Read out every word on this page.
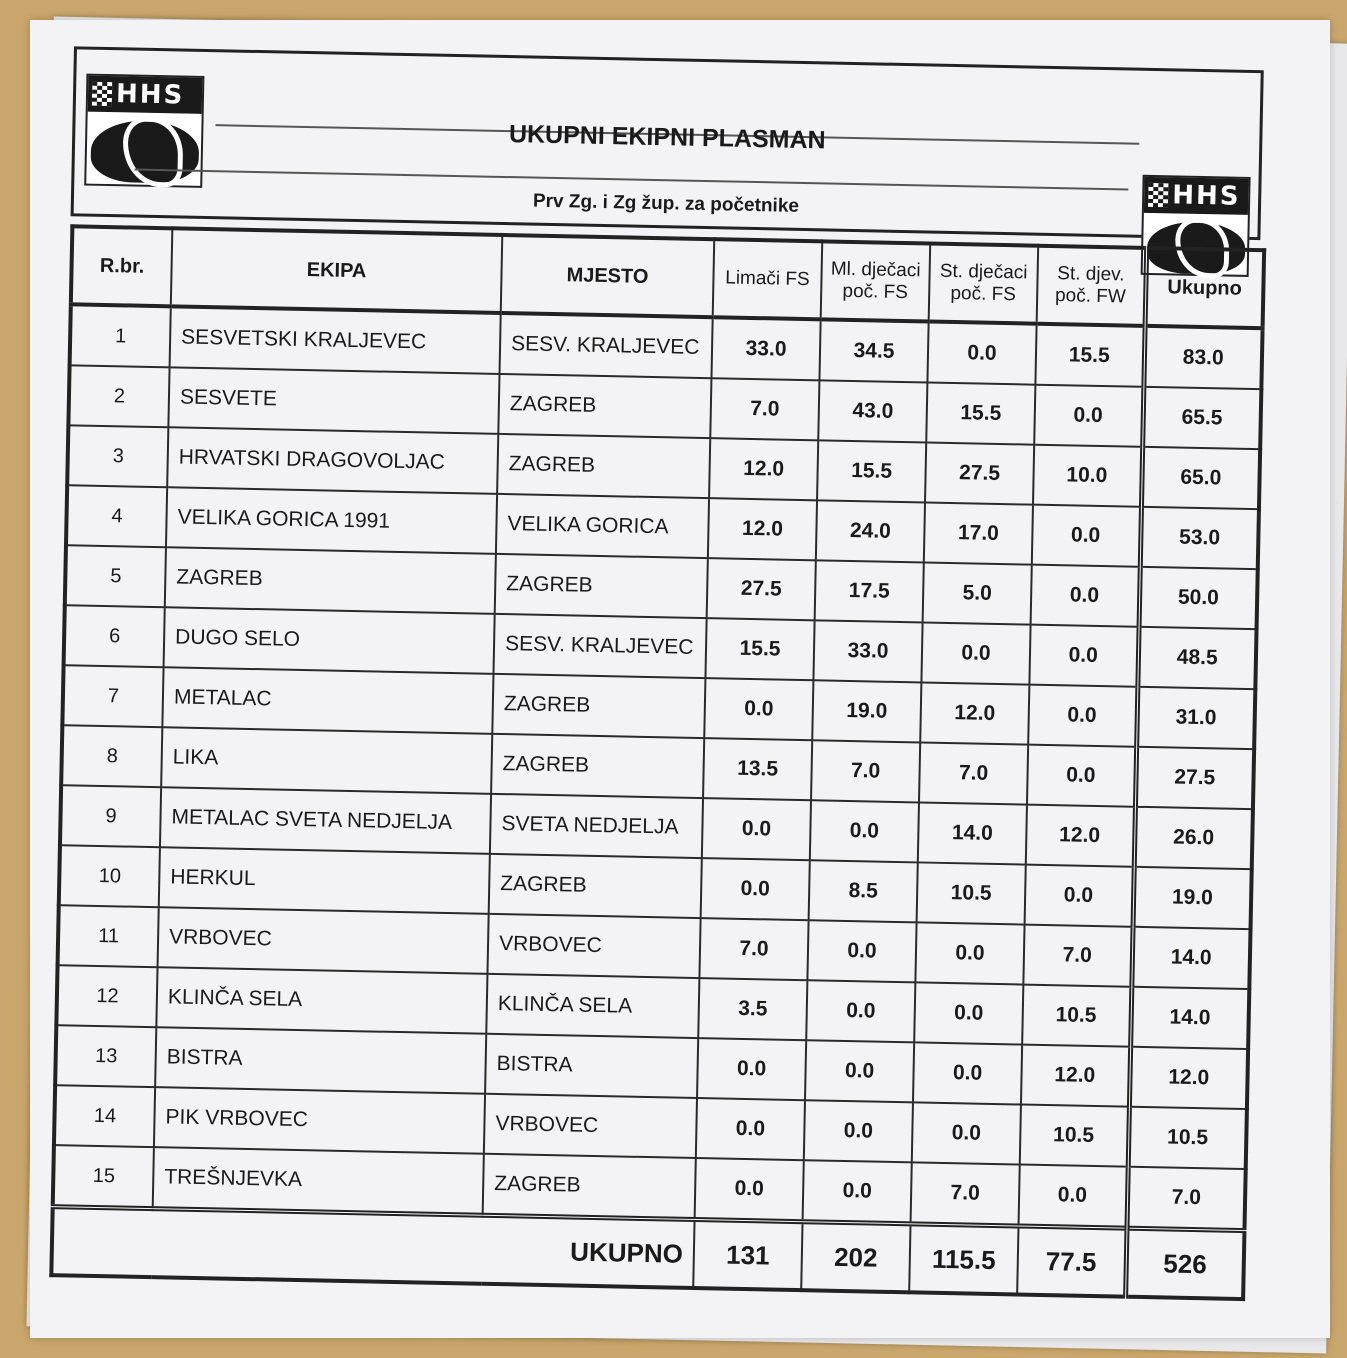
HHS
UKUPNI EKIPNI PLASMAN
Prv Zg. i Zg žup. za početnike	HHS
R.br.	EKIPA	MJESTO	Limači FS	Ml. dječaci poč. FS	St. dječaci poč. FS	St. djev. poč. FW	Ukupno
1	SESVETSKI KRALJEVEC	SESV. KRALJEVEC	33.0	34.5	0.0	15.5	83.0
2	SESVETE	ZAGREB	7.0	43.0	15.5	0.0	65.5
3	HRVATSKI DRAGOVOLJAC	ZAGREB	12.0	15.5	27.5	10.0	65.0
4	VELIKA GORICA 1991	VELIKA GORICA	12.0	24.0	17.0	0.0	53.0
5	ZAGREB	ZAGREB	27.5	17.5	5.0	0.0	50.0
6	DUGO SELO	SESV. KRALJEVEC	15.5	33.0	0.0	0.0	48.5
7	METALAC	ZAGREB	0.0	19.0	12.0	0.0	31.0
8	LIKA	ZAGREB	13.5	7.0	7.0	0.0	27.5
9	METALAC SVETA NEDJELJA	SVETA NEDJELJA	0.0	0.0	14.0	12.0	26.0
10	HERKUL	ZAGREB	0.0	8.5	10.5	0.0	19.0
11	VRBOVEC	VRBOVEC	7.0	0.0	0.0	7.0	14.0
12	KLINČA SELA	KLINČA SELA	3.5	0.0	0.0	10.5	14.0
13	BISTRA	BISTRA	0.0	0.0	0.0	12.0	12.0
14	PIK VRBOVEC	VRBOVEC	0.0	0.0	0.0	10.5	10.5
15	TREŠNJEVKA	ZAGREB	0.0	0.0	7.0	0.0	7.0
UKUPNO			131	202	115.5	77.5	526
